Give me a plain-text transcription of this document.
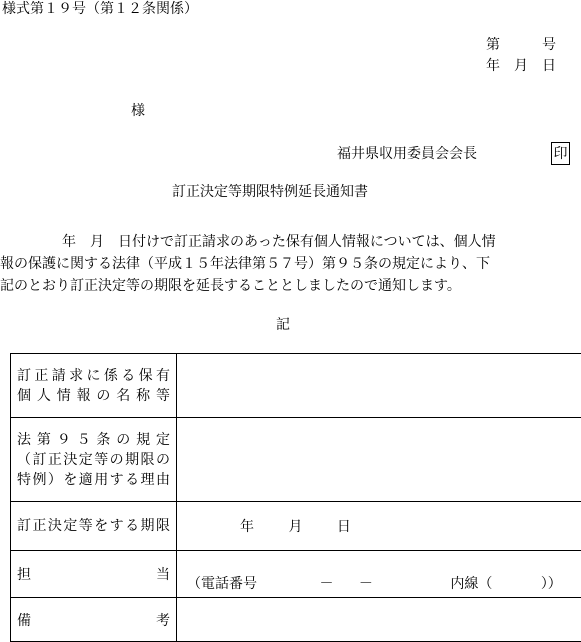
様式第１９号（第１２条関係）
第　　　号
年　月　日
様
福井県収用委員会会長	印
訂正決定等期限特例延長通知書
年　月　日付けで訂正請求のあった保有個人情報については、個人情
報の保護に関する法律（平成１５年法律第５７号）第９５条の規定により、下
記のとおり訂正決定等の期限を延長することとしましたので通知します。
記
訂正請求に係る保有
個人情報の名称等	

法第９５条の規定
（訂正決定等の期限の
特例）を適用する理由	

訂正決定等をする期限	年 月 日

担 当	（電話番号 － － 内線（ ））

備 考	
